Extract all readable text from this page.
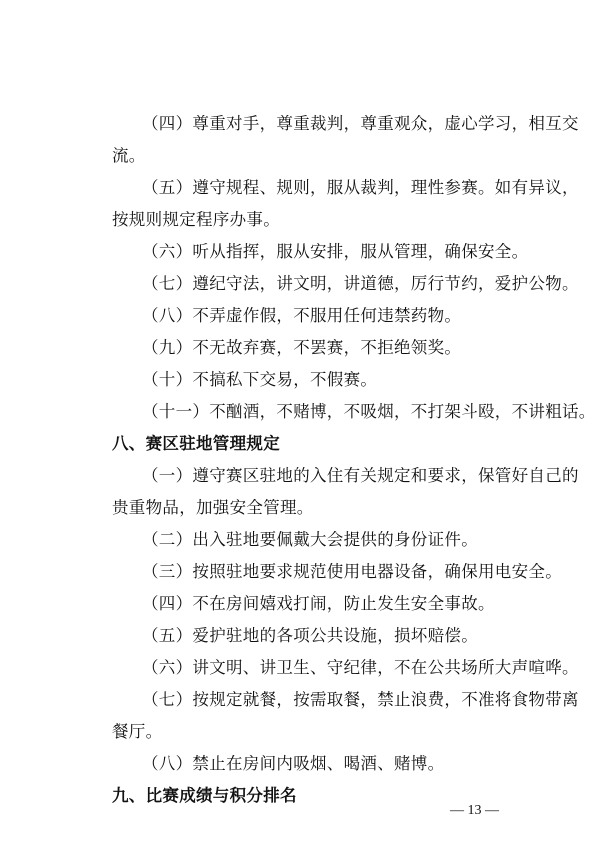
（四）尊重对手，尊重裁判，尊重观众，虚心学习，相互交
流。
（五）遵守规程、规则，服从裁判，理性参赛。如有异议，
按规则规定程序办事。
（六）听从指挥，服从安排，服从管理，确保安全。
（七）遵纪守法，讲文明，讲道德，厉行节约，爱护公物。
（八）不弄虚作假，不服用任何违禁药物。
（九）不无故弃赛，不罢赛，不拒绝领奖。
（十）不搞私下交易，不假赛。
（十一）不酗酒，不赌博，不吸烟，不打架斗殴，不讲粗话。
八、赛区驻地管理规定
（一）遵守赛区驻地的入住有关规定和要求，保管好自己的
贵重物品，加强安全管理。
（二）出入驻地要佩戴大会提供的身份证件。
（三）按照驻地要求规范使用电器设备，确保用电安全。
（四）不在房间嬉戏打闹，防止发生安全事故。
（五）爱护驻地的各项公共设施，损坏赔偿。
（六）讲文明、讲卫生、守纪律，不在公共场所大声喧哗。
（七）按规定就餐，按需取餐，禁止浪费，不准将食物带离
餐厅。
（八）禁止在房间内吸烟、喝酒、赌博。
九、比赛成绩与积分排名
— 13 —
